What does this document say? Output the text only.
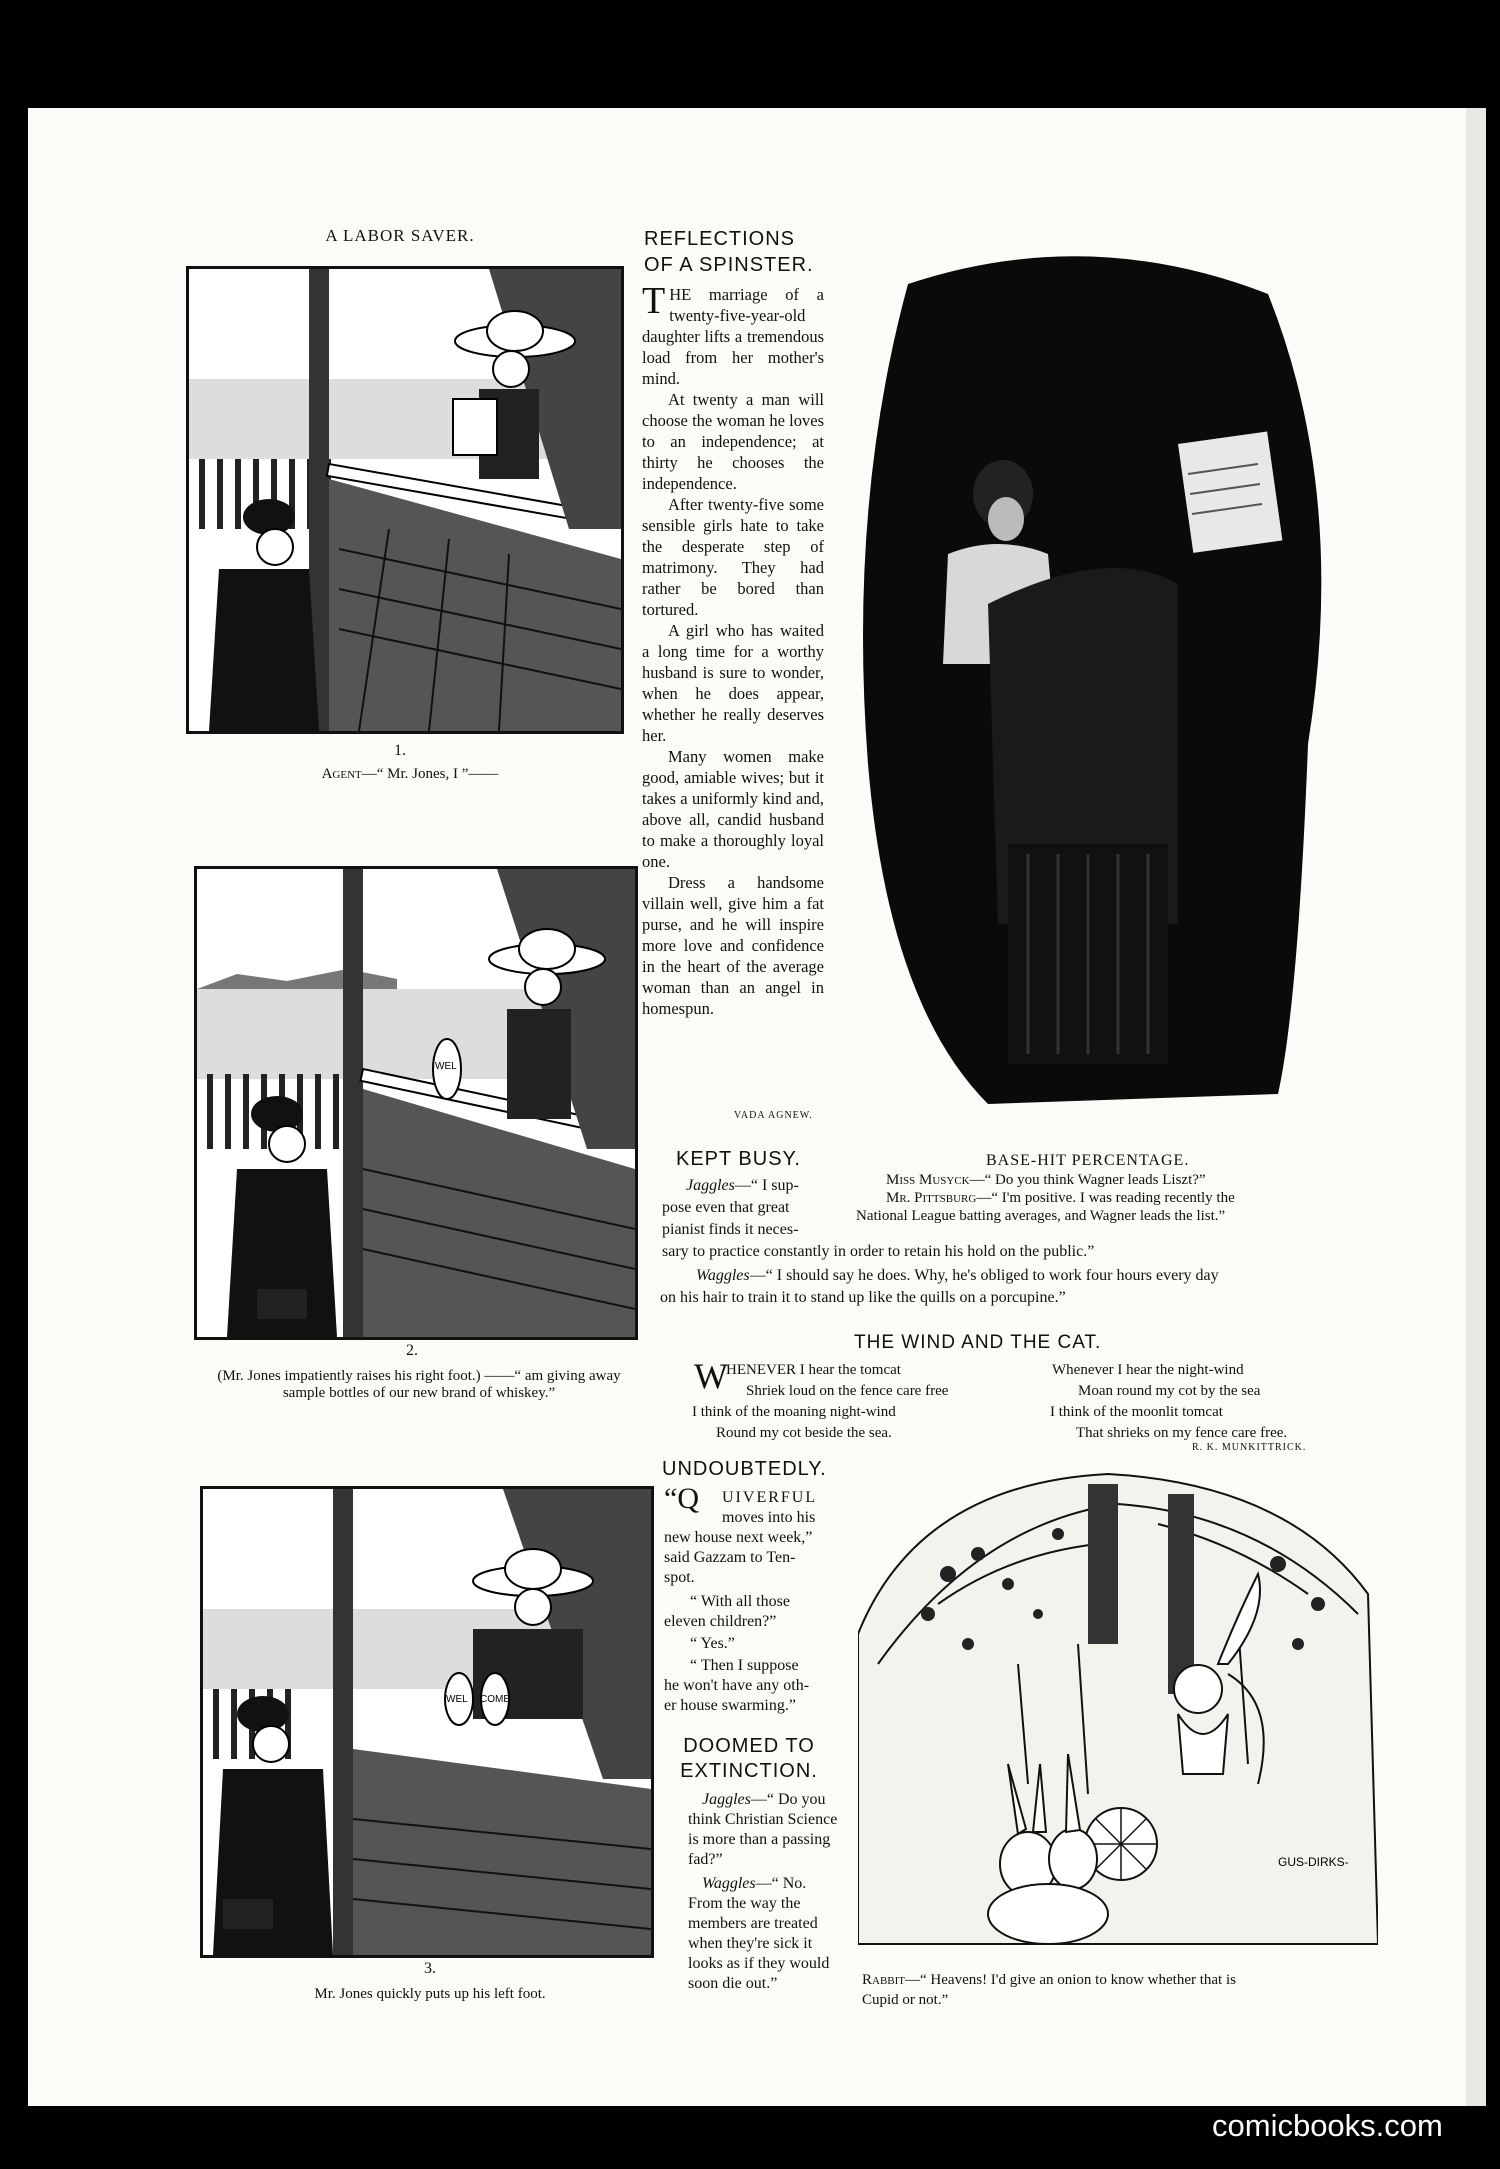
A LABOR SAVER.
1.
Agent—“ Mr. Jones, I ”——
WEL
2.
(Mr. Jones impatiently raises his right foot.) ——“ am giving away sample bottles of our new brand of whiskey.”
WEL COME
3.
Mr. Jones quickly puts up his left foot.
REFLECTIONS
OF A SPINSTER.

THE marriage of a twenty-five-year-old daughter lifts a tremendous load from her mother's mind.

At twenty a man will choose the woman he loves to an independence; at thirty he chooses the independence.

After twenty-five some sensible girls hate to take the desperate step of matrimony. They had rather be bored than tortured.

A girl who has waited a long time for a worthy husband is sure to wonder, when he does appear, whether he really deserves her.

Many women make good, amiable wives; but it takes a uniformly kind and, above all, candid husband to make a thoroughly loyal one.

Dress a handsome villain well, give him a fat purse, and he will inspire more love and confidence in the heart of the average woman than an angel in homespun.

VADA AGNEW.
KEPT BUSY.
Jaggles—“ I sup-
pose even that great
pianist finds it neces-
sary to practice constantly in order to retain his hold on the public.”
Waggles—“ I should say he does. Why, he's obliged to work four hours every day
on his hair to train it to stand up like the quills on a porcupine.”
BASE-HIT PERCENTAGE.
Miss Musyck—“ Do you think Wagner leads Liszt?”
Mr. Pittsburg—“ I'm positive. I was reading recently the
National League batting averages, and Wagner leads the list.”
THE WIND AND THE CAT.
W
HENEVER I hear the tomcat
Shriek loud on the fence care free
I think of the moaning night-wind
Round my cot beside the sea.
Whenever I hear the night-wind
Moan round my cot by the sea
I think of the moonlit tomcat
That shrieks on my fence care free.
R. K. MUNKITTRICK.
UNDOUBTEDLY.
“Q UIVERFUL
moves into his
new house next week,”
said Gazzam to Ten-
spot.
“ With all those
eleven children?”
“ Yes.”
“ Then I suppose
he won't have any oth-
er house swarming.”
DOOMED TO
EXTINCTION.
Jaggles—“ Do you
think Christian Science
is more than a passing
fad?”
Waggles—“ No.
From the way the
members are treated
when they're sick it
looks as if they would
soon die out.”
GUS-DIRKS-
Rabbit—“ Heavens! I'd give an onion to know whether that is
Cupid or not.”
comicbooks.com
